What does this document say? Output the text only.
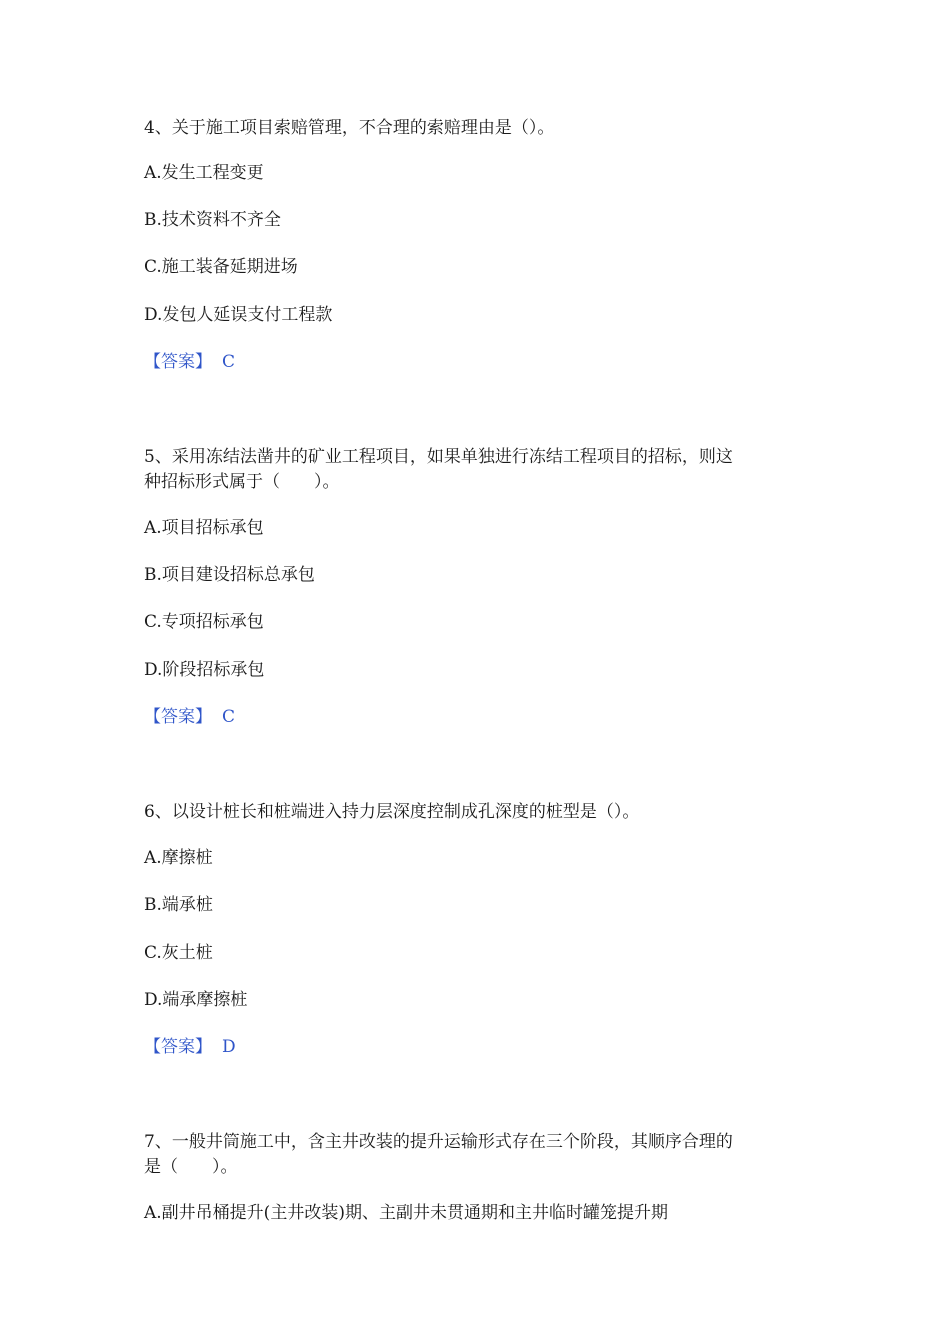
4、关于施工项目索赔管理，不合理的索赔理由是（）。
A.发生工程变更
B.技术资料不齐全
C.施工装备延期进场
D.发包人延误支付工程款
【答案】 C
5、采用冻结法凿井的矿业工程项目，如果单独进行冻结工程项目的招标，则这
种招标形式属于（　　）。
A.项目招标承包
B.项目建设招标总承包
C.专项招标承包
D.阶段招标承包
【答案】 C
6、以设计桩长和桩端进入持力层深度控制成孔深度的桩型是（）。
A.摩擦桩
B.端承桩
C.灰土桩
D.端承摩擦桩
【答案】 D
7、一般井筒施工中，含主井改装的提升运输形式存在三个阶段，其顺序合理的
是（　　）。
A.副井吊桶提升(主井改装)期、主副井未贯通期和主井临时罐笼提升期
